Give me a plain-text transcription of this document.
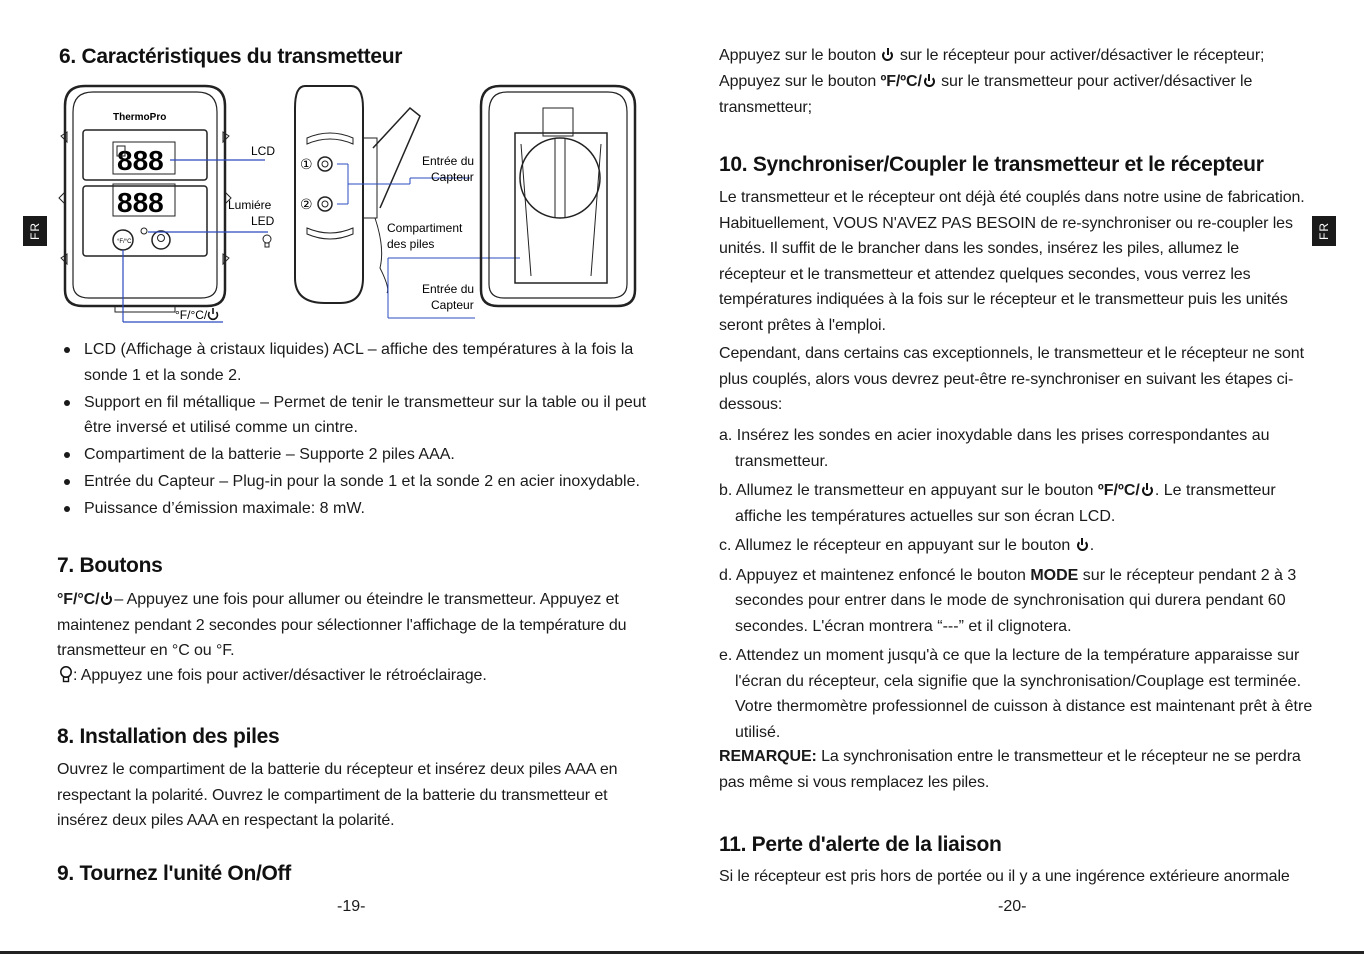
FR	FR
6. Caractéristiques du transmetteur
ThermoPro
888
888
°F/°C
LCD
Lumiére
LED
°F/°C/
①
②
Entrée du
Capteur
Compartiment
des piles
Entrée du
Capteur
LCD (Affichage à cristaux liquides) ACL – affiche des températures à la fois la sonde 1 et la sonde 2.
Support en fil métallique – Permet de tenir le transmetteur sur la table ou il peut être inversé et utilisé comme un cintre.
Compartiment de la batterie – Supporte 2 piles AAA.
Entrée du Capteur – Plug-in pour la sonde 1 et la sonde 2 en acier inoxydable.
Puissance d’émission maximale: 8 mW.
7. Boutons
°F/°C/ – Appuyez une fois pour allumer ou éteindre le transmetteur. Appuyez et maintenez pendant 2 secondes pour sélectionner l'affichage de la température du transmetteur en °C ou °F.
: Appuyez une fois pour activer/désactiver le rétroéclairage.
8. Installation des piles
Ouvrez le compartiment de la batterie du récepteur et insérez deux piles AAA en respectant la polarité. Ouvrez le compartiment de la batterie du transmetteur et insérez deux piles AAA en respectant la polarité.
9. Tournez l'unité On/Off
-19-
Appuyez sur le bouton sur le récepteur pour activer/désactiver le récepteur;
Appuyez sur le bouton ºF/ºC/ sur le transmetteur pour activer/désactiver le transmetteur;
10. Synchroniser/Coupler le transmetteur et le récepteur
Le transmetteur et le récepteur ont déjà été couplés dans notre usine de fabrication. Habituellement, VOUS N'AVEZ PAS BESOIN de re-synchroniser ou re-coupler les unités. Il suffit de le brancher dans les sondes, insérez les piles, allumez le récepteur et le transmetteur et attendez quelques secondes, vous verrez les températures indiquées à la fois sur le récepteur et le transmetteur puis les unités seront prêtes à l'emploi.
Cependant, dans certains cas exceptionnels, le transmetteur et le récepteur ne sont plus couplés, alors vous devrez peut-être re-synchroniser en suivant les étapes ci-dessous:
a. Insérez les sondes en acier inoxydable dans les prises correspondantes au transmetteur.
b. Allumez le transmetteur en appuyant sur le bouton ºF/ºC/ . Le transmetteur affiche les températures actuelles sur son écran LCD.
c. Allumez le récepteur en appuyant sur le bouton .
d. Appuyez et maintenez enfoncé le bouton MODE sur le récepteur pendant 2 à 3 secondes pour entrer dans le mode de synchronisation qui durera pendant 60 secondes. L'écran montrera “---” et il clignotera.
e. Attendez un moment jusqu'à ce que la lecture de la température apparaisse sur l'écran du récepteur, cela signifie que la synchronisation/Couplage est terminée. Votre thermomètre professionnel de cuisson à distance est maintenant prêt à être utilisé.
REMARQUE: La synchronisation entre le transmetteur et le récepteur ne se perdra pas même si vous remplacez les piles.
11. Perte d'alerte de la liaison
Si le récepteur est pris hors de portée ou il y a une ingérence extérieure anormale
-20-
